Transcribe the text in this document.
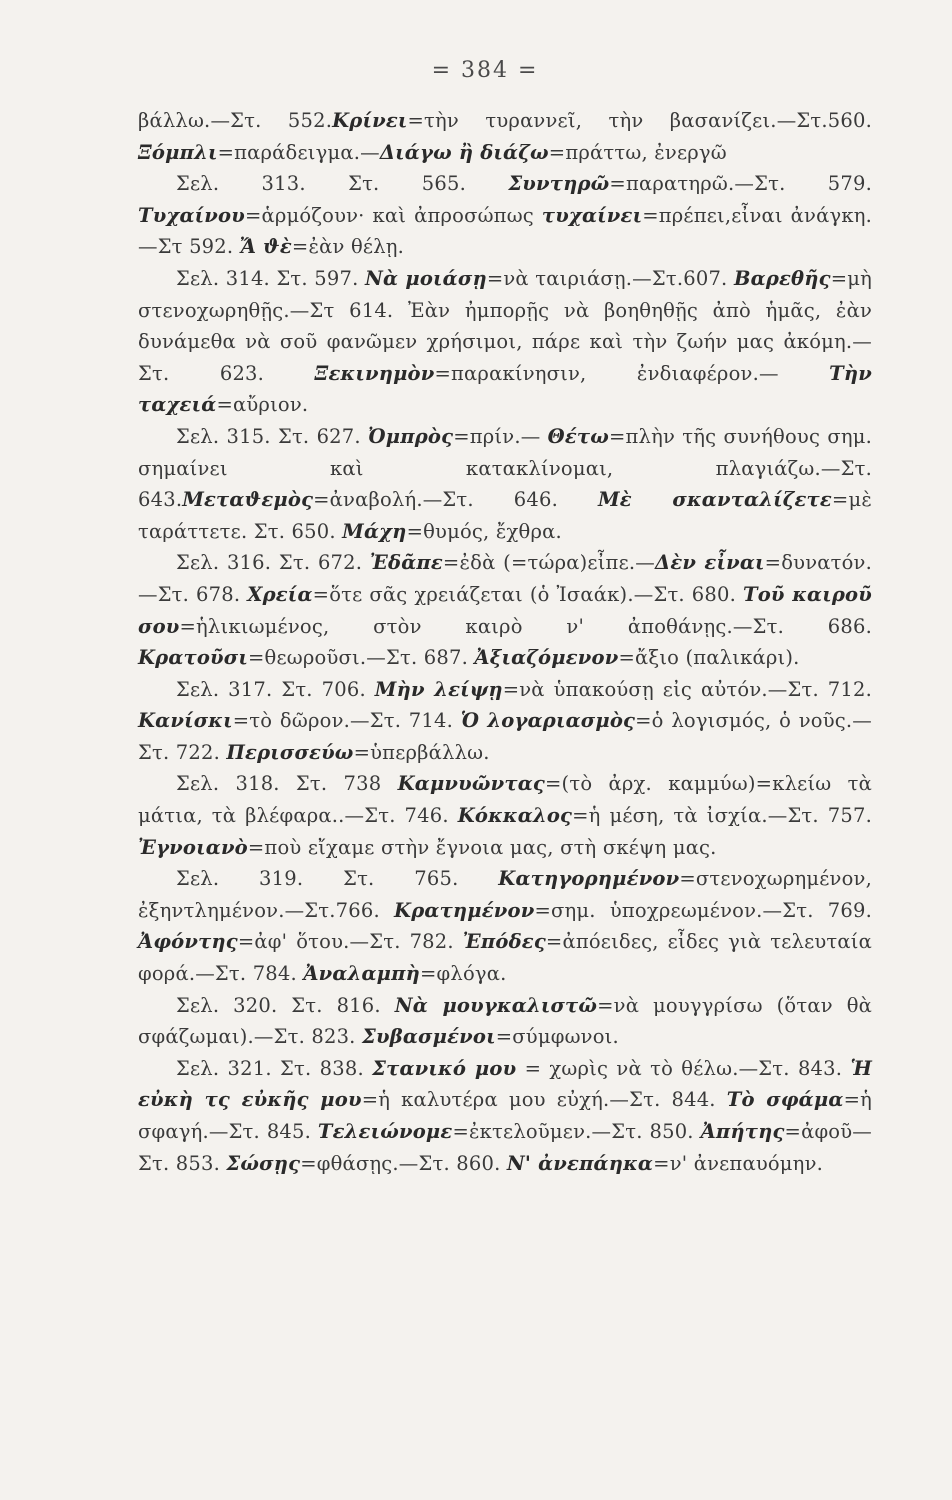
= 384 =

βάλλω.—Στ. 552.Κρίνει=τὴν τυραννεῖ, τὴν βασανίζει.—Στ.560. Ξόμπλι=παράδειγμα.—Διάγω ἢ διάζω=πράττω, ἐνεργῶ

Σελ. 313. Στ. 565. Συντηρῶ=παρατηρῶ.—Στ. 579. Τυχαίνου=ἁρμόζουν· καὶ ἀπροσώπως τυχαίνει=πρέπει,εἶναι ἀνάγκη.—Στ 592. Ἄ ϑὲ=ἐὰν θέλῃ.

Σελ. 314. Στ. 597. Νὰ μοιάσῃ=νὰ ταιριάσῃ.—Στ.607. Βαρεθῆς=μὴ στενοχωρηθῇς.—Στ 614. Ἐὰν ἠμπορῇς νὰ βοηθηθῇς ἀπὸ ἡμᾶς, ἐὰν δυνάμεθα νὰ σοῦ φανῶμεν χρήσιμοι, πάρε καὶ τὴν ζωήν μας ἀκόμη.—Στ. 623. Ξεκινημὸν=παρακίνησιν, ἐνδιαφέρον.— Τὴν ταχειά=αὔριον.

Σελ. 315. Στ. 627. Ὀμπρὸς=πρίν.— Θέτω=πλὴν τῆς συνήθους σημ. σημαίνει καὶ κατακλίνομαι, πλαγιάζω.—Στ. 643.Μεταϑεμὸς=ἀναβολή.—Στ. 646. Μὲ σκανταλίζετε=μὲ ταράττετε. Στ. 650. Μάχη=θυμός, ἔχθρα.

Σελ. 316. Στ. 672. Ἐδᾶπε=ἐδὰ (=τώρα)εἶπε.—Δὲν εἶναι=δυνατόν.—Στ. 678. Χρεία=ὅτε σᾶς χρειάζεται (ὁ Ἰσαάκ).—Στ. 680. Τοῦ καιροῦ σου=ἡλικιωμένος, στὸν καιρὸ ν' ἀποθάνῃς.—Στ. 686. Κρατοῦσι=θεωροῦσι.—Στ. 687. Ἀξιαζόμενον=ἄξιο (παλικάρι).

Σελ. 317. Στ. 706. Μὴν λείψῃ=νὰ ὑπακούσῃ εἰς αὐτόν.—Στ. 712. Κανίσκι=τὸ δῶρον.—Στ. 714. Ὁ λογαριασμὸς=ὁ λογισμός, ὁ νοῦς.—Στ. 722. Περισσεύω=ὑπερβάλλω.

Σελ. 318. Στ. 738 Καμνυῶντας=(τὸ ἀρχ. καμμύω)=κλείω τὰ μάτια, τὰ βλέφαρα..—Στ. 746. Κόκκαλος=ἡ μέση, τὰ ἰσχία.—Στ. 757. Ἐγνοιανὸ=ποὺ εἴχαμε στὴν ἔγνοια μας, στὴ σκέψη μας.

Σελ. 319. Στ. 765. Κατηγορημένον=στενοχωρημένον, ἐξηντλημένον.—Στ.766. Κρατημένον=σημ. ὑποχρεωμένον.—Στ. 769. Ἀφόντης=ἀφ' ὅτου.—Στ. 782. Ἐπόδες=ἀπόειδες, εἶδες γιὰ τελευταία φορά.—Στ. 784. Ἀναλαμπὴ=φλόγα.

Σελ. 320. Στ. 816. Νὰ μουγκαλιστῶ=νὰ μουγγρίσω (ὅταν θὰ σφάζωμαι).—Στ. 823. Συβασμένοι=σύμφωνοι.

Σελ. 321. Στ. 838. Στανικό μου = χωρὶς νὰ τὸ θέλω.—Στ. 843. Ἡ εὐκὴ τς εὐκῆς μου=ἡ καλυτέρα μου εὐχή.—Στ. 844. Τὸ σφάμα=ἡ σφαγή.—Στ. 845. Τελειώνομε=ἐκτελοῦμεν.—Στ. 850. Ἀπήτης=ἀφοῦ—Στ. 853. Σώσῃς=φθάσῃς.—Στ. 860. Ν' ἀνεπάηκα=ν' ἀνεπαυόμην.
